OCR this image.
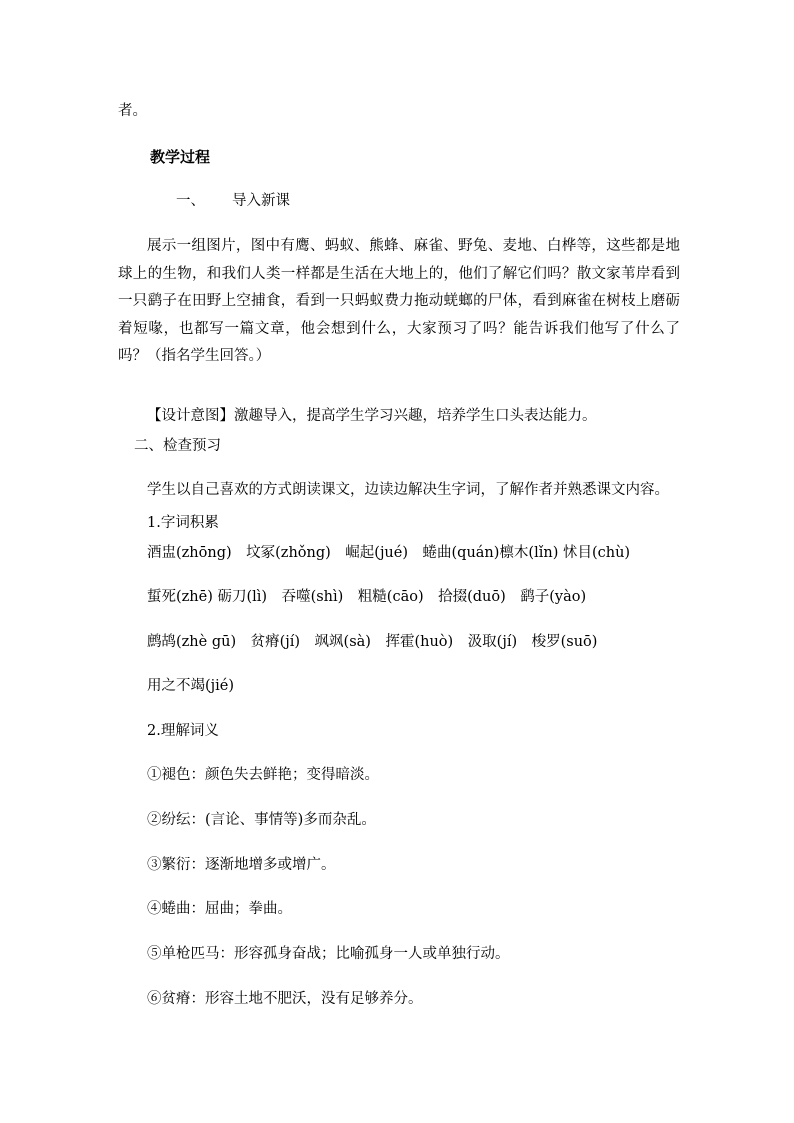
者。
教学过程
一、 导入新课
展示一组图片，图中有鹰、蚂蚁、熊蜂、麻雀、野兔、麦地、白桦等，这些都是地球上的生物，和我们人类一样都是生活在大地上的，他们了解它们吗？散文家苇岸看到一只鹞子在田野上空捕食，看到一只蚂蚁费力拖动蜣螂的尸体，看到麻雀在树枝上磨砺着短喙，也都写一篇文章，他会想到什么，大家预习了吗？能告诉我们他写了什么了吗？（指名学生回答。）
【设计意图】激趣导入，提高学生学习兴趣，培养学生口头表达能力。
二、检查预习
学生以自己喜欢的方式朗读课文，边读边解决生字词，了解作者并熟悉课文内容。
1.字词积累
酒盅(zhōng)　坟冢(zhǒng)　崛起(jué)　蜷曲(quán)檩木(lǐn) 怵目(chù)
蜇死(zhē) 砺刀(lì)　吞噬(shì)　粗糙(cāo)　拾掇(duō)　鹞子(yào)
鹧鸪(zhè gū)　贫瘠(jí)　飒飒(sà)　挥霍(huò)　汲取(jí)　梭罗(suō)
用之不竭(jié)
2.理解词义
①褪色：颜色失去鲜艳；变得暗淡。
②纷纭：(言论、事情等)多而杂乱。
③繁衍：逐渐地增多或增广。
④蜷曲：屈曲；拳曲。
⑤单枪匹马：形容孤身奋战；比喻孤身一人或单独行动。
⑥贫瘠：形容土地不肥沃，没有足够养分。
